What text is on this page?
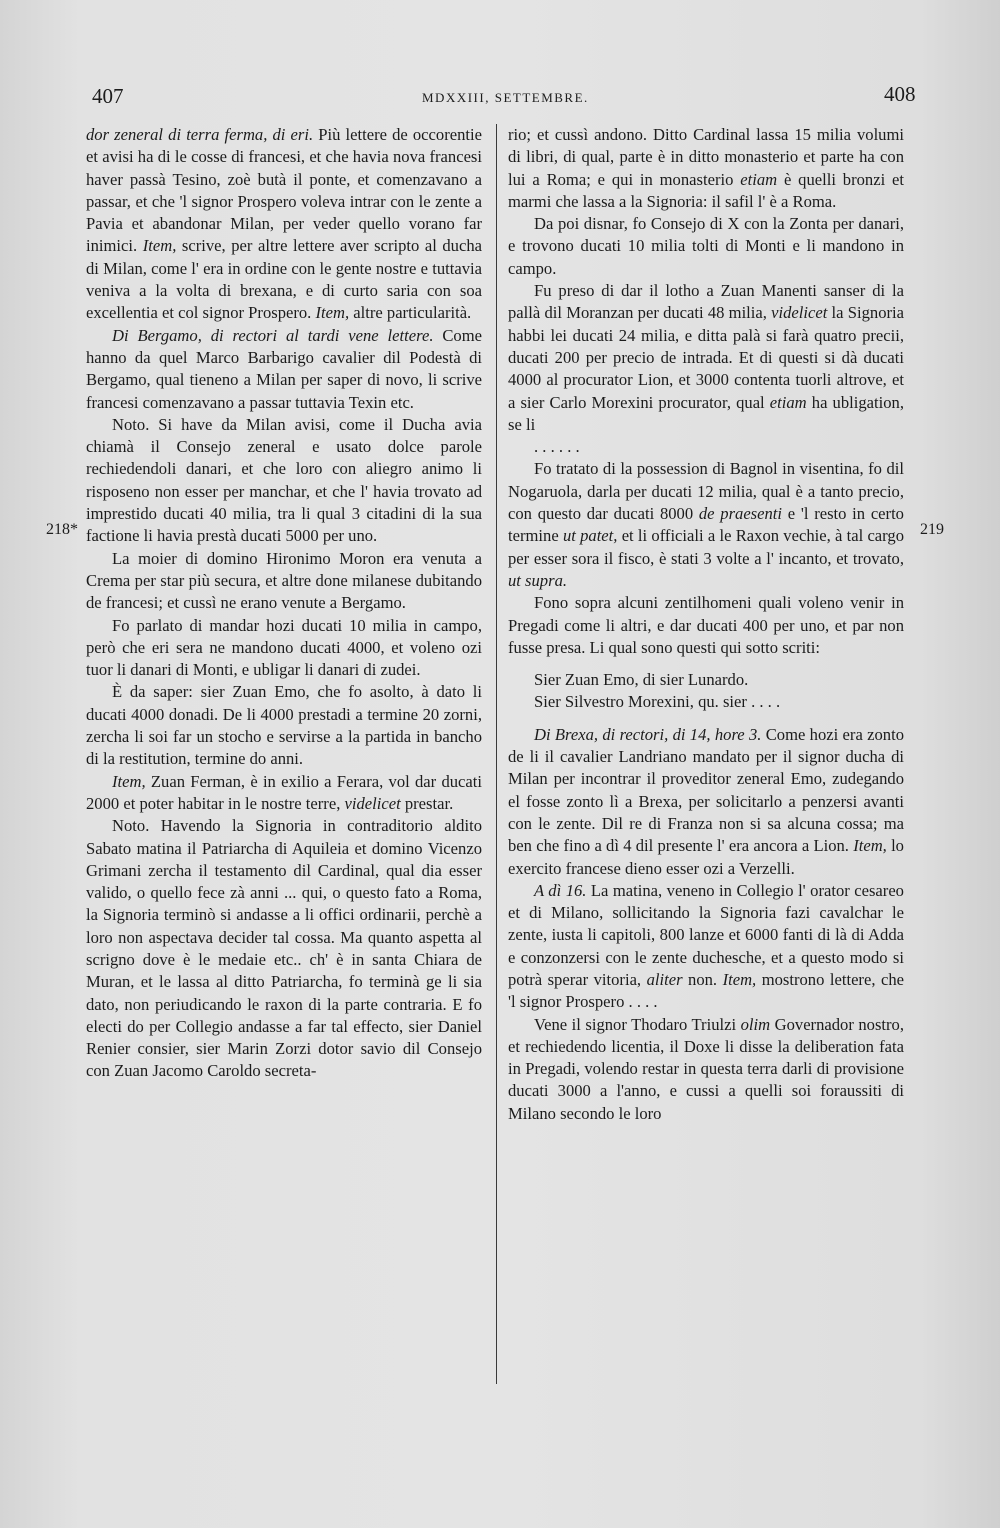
407	MDXXIII, SETTEMBRE.	408
218*	219

dor zeneral di terra ferma, di eri. Più lettere de occorentie et avisi ha di le cosse di francesi, et che havia nova francesi haver passà Tesino, zoè butà il ponte, et comenzavano a passar, et che 'l signor Prospero voleva intrar con le zente a Pavia et abandonar Milan, per veder quello vorano far inimici. Item, scrive, per altre lettere aver scripto al ducha di Milan, come l' era in ordine con le gente nostre e tuttavia veniva a la volta di brexana, e di curto saria con soa excellentia et col signor Prospero. Item, altre particularità.

Di Bergamo, di rectori al tardi vene lettere. Come hanno da quel Marco Barbarigo cavalier dil Podestà di Bergamo, qual tieneno a Milan per saper di novo, li scrive francesi comenzavano a passar tuttavia Texin etc.

Noto. Si have da Milan avisi, come il Ducha avia chiamà il Consejo zeneral e usato dolce parole rechiedendoli danari, et che loro con aliegro animo li risposeno non esser per manchar, et che l' havia trovato ad imprestido ducati 40 milia, tra li qual 3 citadini di la sua factione li havia prestà ducati 5000 per uno.

La moier di domino Hironimo Moron era venuta a Crema per star più secura, et altre done milanese dubitando de francesi; et cussì ne erano venute a Bergamo.

Fo parlato di mandar hozi ducati 10 milia in campo, però che eri sera ne mandono ducati 4000, et voleno ozi tuor li danari di Monti, e ubligar li danari di zudei.

È da saper: sier Zuan Emo, che fo asolto, à dato li ducati 4000 donadi. De li 4000 prestadi a termine 20 zorni, zercha li soi far un stocho e servirse a la partida in bancho di la restitution, termine do anni.

Item, Zuan Ferman, è in exilio a Ferara, vol dar ducati 2000 et poter habitar in le nostre terre, videlicet prestar.

Noto. Havendo la Signoria in contraditorio aldito Sabato matina il Patriarcha di Aquileia et domino Vicenzo Grimani zercha il testamento dil Cardinal, qual dia esser valido, o quello fece zà anni ... qui, o questo fato a Roma, la Signoria terminò si andasse a li offici ordinarii, perchè a loro non aspectava decider tal cossa. Ma quanto aspetta al scrigno dove è le medaie etc.. ch' è in santa Chiara de Muran, et le lassa al ditto Patriarcha, fo terminà ge li sia dato, non periudicando le raxon di la parte contraria. E fo electi do per Collegio andasse a far tal effecto, sier Daniel Renier consier, sier Marin Zorzi dotor savio dil Consejo con Zuan Jacomo Caroldo secreta-

rio; et cussì andono. Ditto Cardinal lassa 15 milia volumi di libri, di qual, parte è in ditto monasterio et parte ha con lui a Roma; e qui in monasterio etiam è quelli bronzi et marmi che lassa a la Signoria: il safil l' è a Roma.

Da poi disnar, fo Consejo di X con la Zonta per danari, e trovono ducati 10 milia tolti di Monti e li mandono in campo.

Fu preso di dar il lotho a Zuan Manenti sanser di la pallà dil Moranzan per ducati 48 milia, videlicet la Signoria habbi lei ducati 24 milia, e ditta palà si farà quatro precii, ducati 200 per precio de intrada. Et di questi si dà ducati 4000 al procurator Lion, et 3000 contenta tuorli altrove, et a sier Carlo Morexini procurator, qual etiam ha ubligation, se li

. . . . . .

Fo tratato di la possession di Bagnol in visentina, fo dil Nogaruola, darla per ducati 12 milia, qual è a tanto precio, con questo dar ducati 8000 de praesenti e 'l resto in certo termine ut patet, et li officiali a le Raxon vechie, à tal cargo per esser sora il fisco, è stati 3 volte a l' incanto, et trovato, ut supra.

Fono sopra alcuni zentilhomeni quali voleno venir in Pregadi come li altri, e dar ducati 400 per uno, et par non fusse presa. Li qual sono questi qui sotto scriti:

Sier Zuan Emo, di sier Lunardo.

Sier Silvestro Morexini, qu. sier . . . .

Di Brexa, di rectori, di 14, hore 3. Come hozi era zonto de li il cavalier Landriano mandato per il signor ducha di Milan per incontrar il proveditor zeneral Emo, zudegando el fosse zonto lì a Brexa, per solicitarlo a penzersi avanti con le zente. Dil re di Franza non si sa alcuna cossa; ma ben che fino a dì 4 dil presente l' era ancora a Lion. Item, lo exercito francese dieno esser ozi a Verzelli.

A dì 16. La matina, veneno in Collegio l' orator cesareo et di Milano, sollicitando la Signoria fazi cavalchar le zente, iusta li capitoli, 800 lanze et 6000 fanti di là di Adda e conzonzersi con le zente duchesche, et a questo modo si potrà sperar vitoria, aliter non. Item, mostrono lettere, che 'l signor Prospero . . . .

Vene il signor Thodaro Triulzi olim Governador nostro, et rechiedendo licentia, il Doxe li disse la deliberation fata in Pregadi, volendo restar in questa terra darli di provisione ducati 3000 a l'anno, e cussi a quelli soi foraussiti di Milano secondo le loro
